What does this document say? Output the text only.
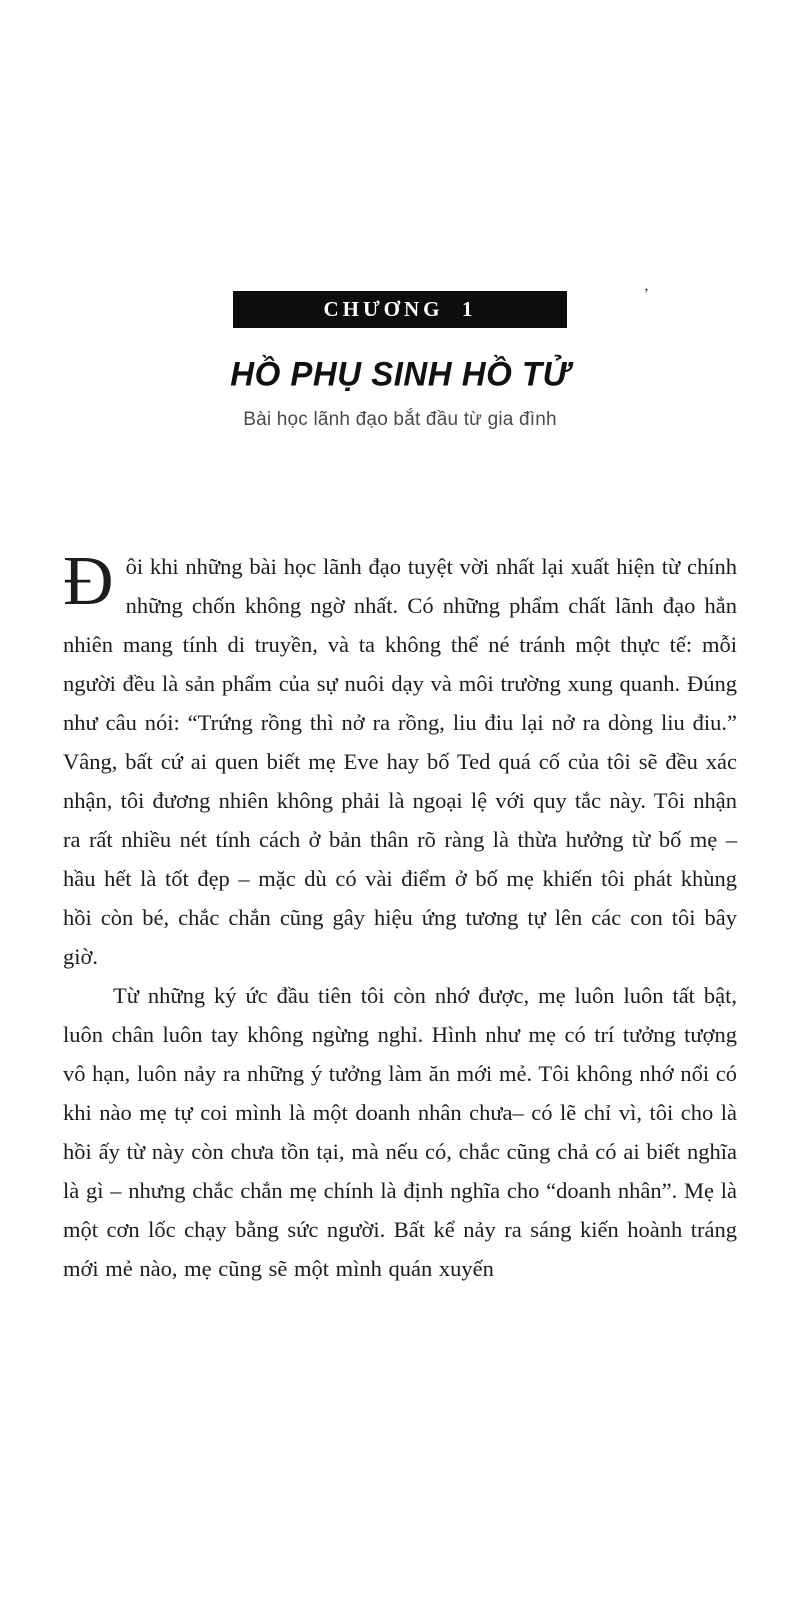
CHƯƠNG  1
’
HỒ PHỤ SINH HỒ TỬ
Bài học lãnh đạo bắt đầu từ gia đình

Đôi khi những bài học lãnh đạo tuyệt vời nhất lại xuất hiện từ chính những chốn không ngờ nhất. Có những phẩm chất lãnh đạo hẳn nhiên mang tính di truyền, và ta không thể né tránh một thực tế: mỗi người đều là sản phẩm của sự nuôi dạy và môi trường xung quanh. Đúng như câu nói: “Trứng rồng thì nở ra rồng, liu điu lại nở ra dòng liu điu.” Vâng, bất cứ ai quen biết mẹ Eve hay bố Ted quá cố của tôi sẽ đều xác nhận, tôi đương nhiên không phải là ngoại lệ với quy tắc này. Tôi nhận ra rất nhiều nét tính cách ở bản thân rõ ràng là thừa hưởng từ bố mẹ – hầu hết là tốt đẹp – mặc dù có vài điểm ở bố mẹ khiến tôi phát khùng hồi còn bé, chắc chắn cũng gây hiệu ứng tương tự lên các con tôi bây giờ.

Từ những ký ức đầu tiên tôi còn nhớ được, mẹ luôn luôn tất bật, luôn chân luôn tay không ngừng nghỉ. Hình như mẹ có trí tưởng tượng vô hạn, luôn nảy ra những ý tưởng làm ăn mới mẻ. Tôi không nhớ nổi có khi nào mẹ tự coi mình là một doanh nhân chưa– có lẽ chỉ vì, tôi cho là hồi ấy từ này còn chưa tồn tại, mà nếu có, chắc cũng chả có ai biết nghĩa là gì – nhưng chắc chắn mẹ chính là định nghĩa cho “doanh nhân”. Mẹ là một cơn lốc chạy bằng sức người. Bất kể nảy ra sáng kiến hoành tráng mới mẻ nào, mẹ cũng sẽ một mình quán xuyến
